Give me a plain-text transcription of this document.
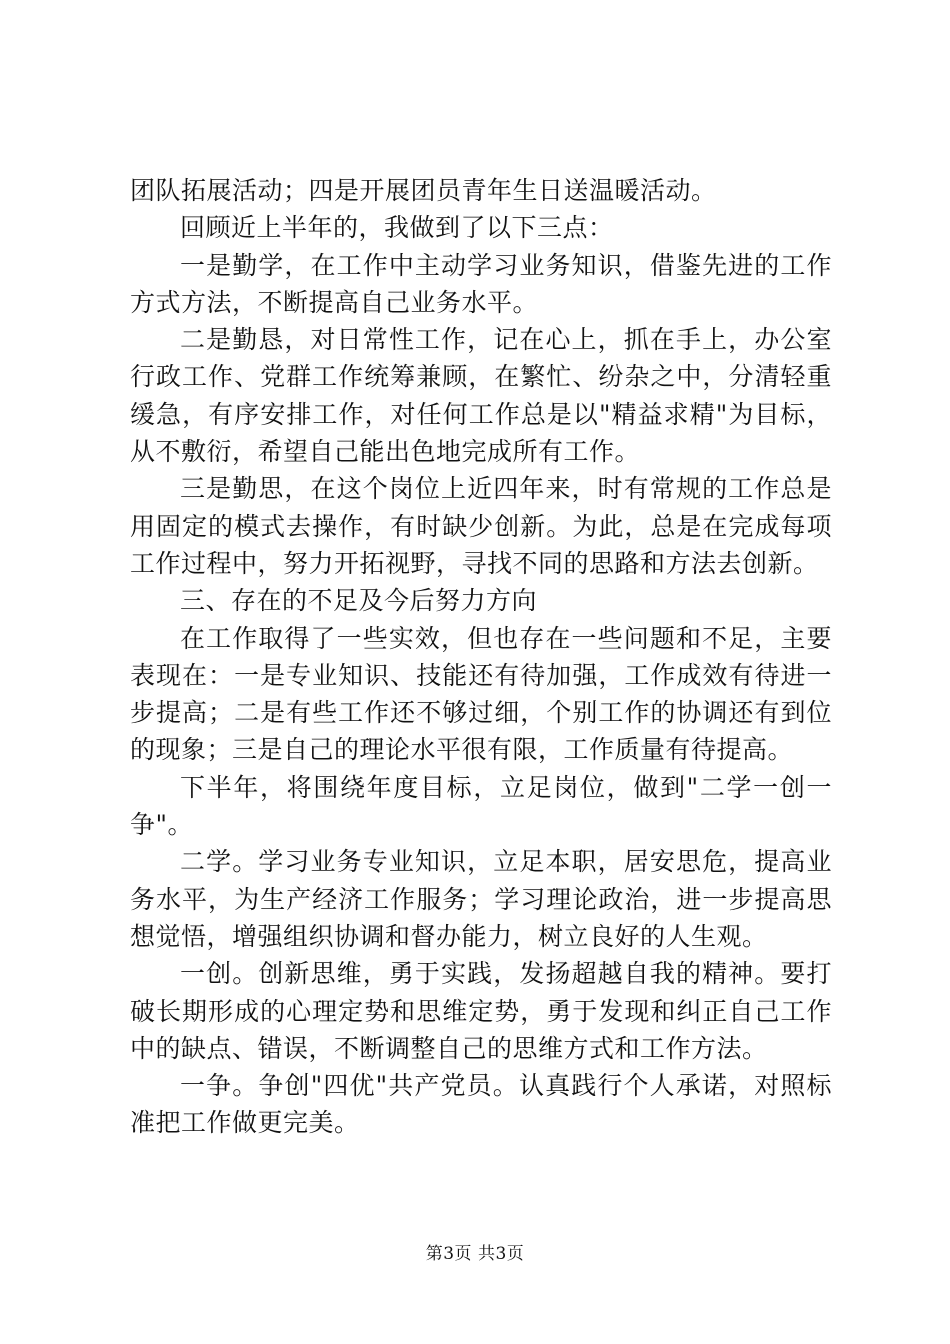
团队拓展活动；四是开展团员青年生日送温暖活动。

回顾近上半年的，我做到了以下三点：

一是勤学，在工作中主动学习业务知识，借鉴先进的工作方式方法，不断提高自己业务水平。

二是勤恳，对日常性工作，记在心上，抓在手上，办公室行政工作、党群工作统筹兼顾，在繁忙、纷杂之中，分清轻重缓急，有序安排工作，对任何工作总是以"精益求精"为目标，从不敷衍，希望自己能出色地完成所有工作。

三是勤思，在这个岗位上近四年来，时有常规的工作总是用固定的模式去操作，有时缺少创新。为此，总是在完成每项工作过程中，努力开拓视野，寻找不同的思路和方法去创新。

三、存在的不足及今后努力方向

在工作取得了一些实效，但也存在一些问题和不足，主要表现在：一是专业知识、技能还有待加强，工作成效有待进一步提高；二是有些工作还不够过细，个别工作的协调还有到位的现象；三是自己的理论水平很有限，工作质量有待提高。

下半年，将围绕年度目标，立足岗位，做到"二学一创一争"。

二学。学习业务专业知识，立足本职，居安思危，提高业务水平，为生产经济工作服务；学习理论政治，进一步提高思想觉悟，增强组织协调和督办能力，树立良好的人生观。

一创。创新思维，勇于实践，发扬超越自我的精神。要打破长期形成的心理定势和思维定势，勇于发现和纠正自己工作中的缺点、错误，不断调整自己的思维方式和工作方法。

一争。争创"四优"共产党员。认真践行个人承诺，对照标准把工作做更完美。

第3页 共3页
